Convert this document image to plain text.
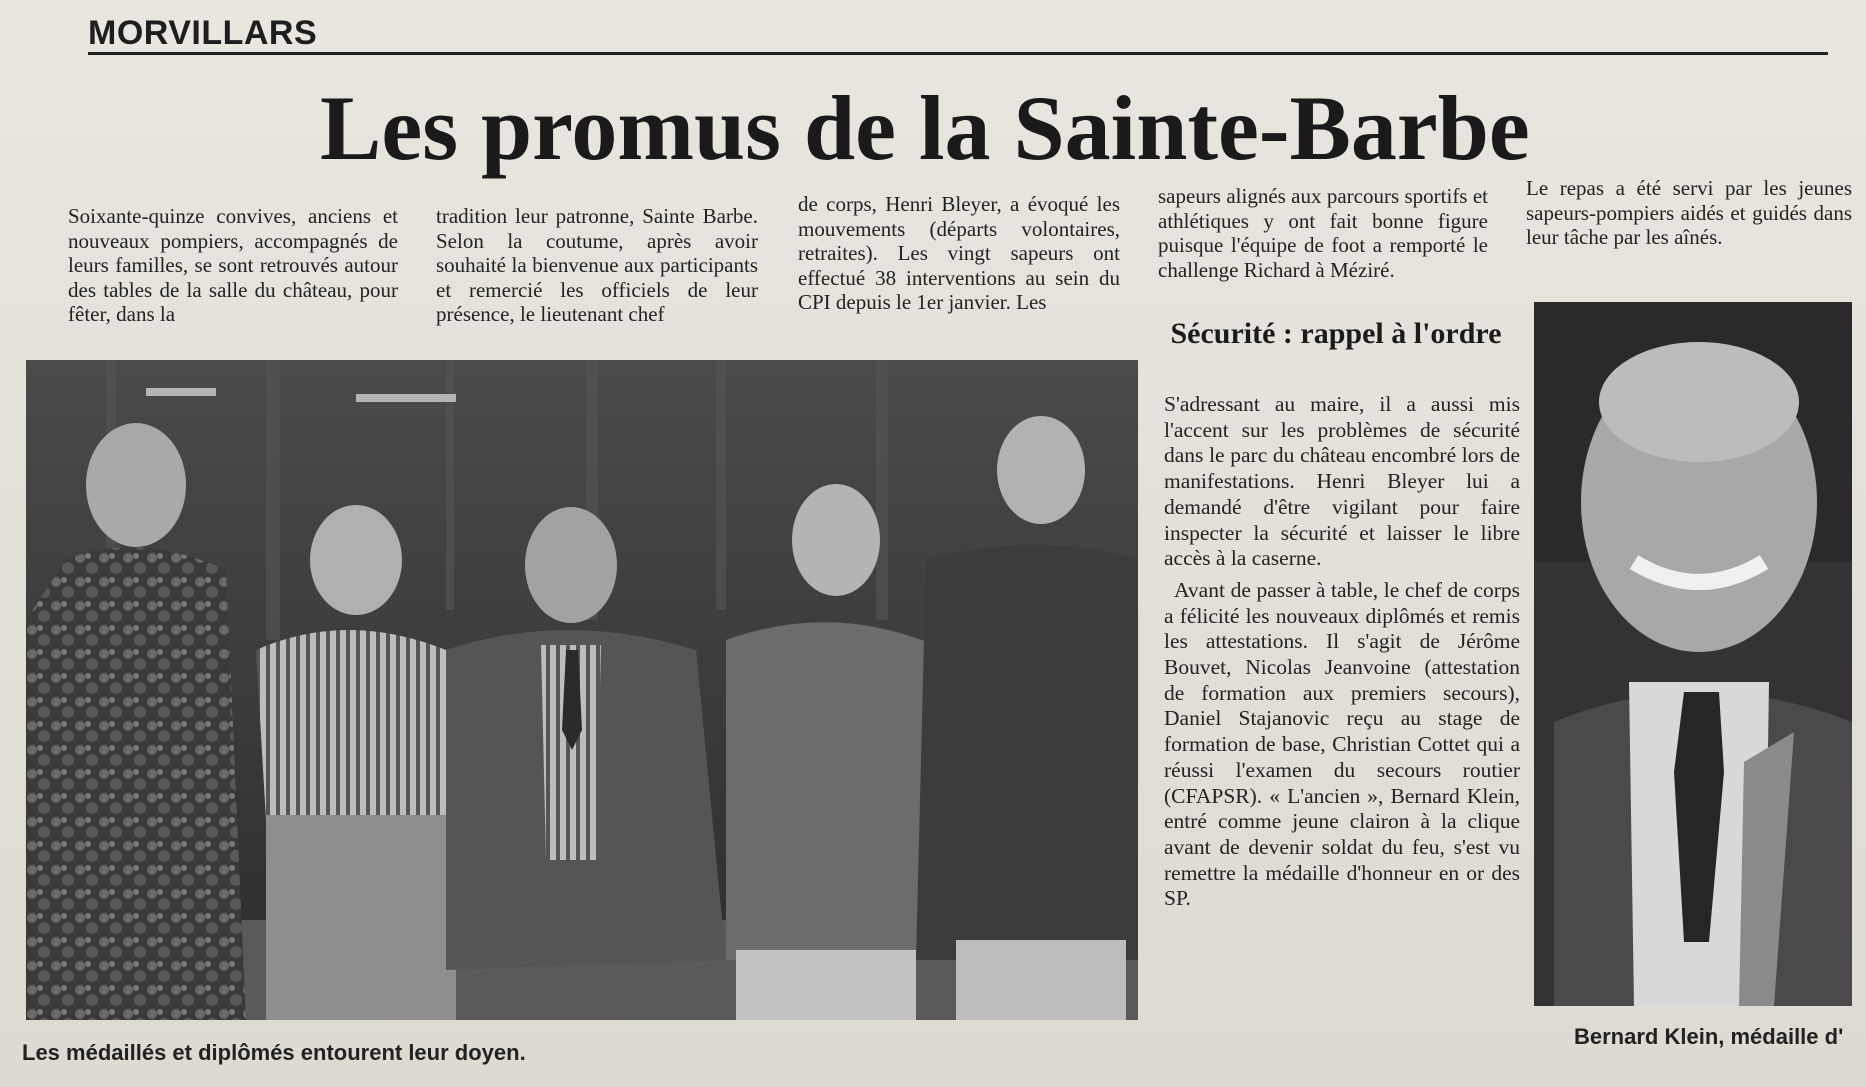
MORVILLARS
Les promus de la Sainte-Barbe

Soixante-quinze convives, anciens et nouveaux pompiers, accompagnés de leurs familles, se sont retrouvés autour des tables de la salle du château, pour fêter, dans la

tradition leur patronne, Sainte Barbe. Selon la coutume, après avoir souhaité la bienvenue aux participants et remercié les officiels de leur présence, le lieutenant chef

de corps, Henri Bleyer, a évoqué les mouvements (départs volontaires, retraites). Les vingt sapeurs ont effectué 38 interventions au sein du CPI depuis le 1er janvier. Les

sapeurs alignés aux parcours sportifs et athlétiques y ont fait bonne figure puisque l'équipe de foot a remporté le challenge Richard à Méziré.

Le repas a été servi par les jeunes sapeurs-pompiers aidés et guidés dans leur tâche par les aînés.

Sécurité : rappel à l'ordre

S'adressant au maire, il a aussi mis l'accent sur les problèmes de sécurité dans le parc du château encombré lors de manifestations. Henri Bleyer lui a demandé d'être vigilant pour faire inspecter la sécurité et laisser le libre accès à la caserne.

Avant de passer à table, le chef de corps a félicité les nouveaux diplômés et remis les attestations. Il s'agit de Jérôme Bouvet, Nicolas Jeanvoine (attestation de formation aux premiers secours), Daniel Stajanovic reçu au stage de formation de base, Christian Cottet qui a réussi l'examen du secours routier (CFAPSR). « L'ancien », Bernard Klein, entré comme jeune clairon à la clique avant de devenir soldat du feu, s'est vu remettre la médaille d'honneur en or des SP.

Les médaillés et diplômés entourent leur doyen.
Bernard Klein, médaille d'
